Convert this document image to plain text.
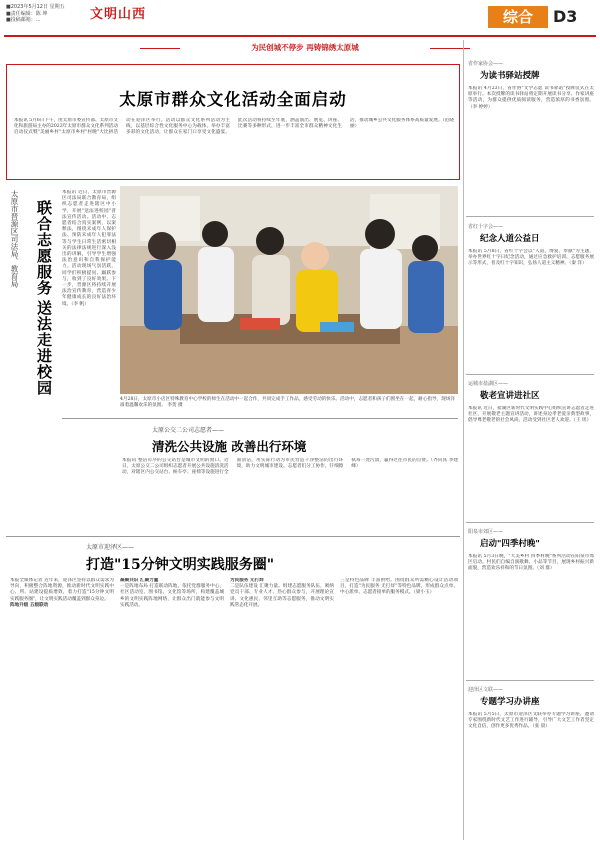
■2023年5月12日 星期五
■责任编辑：陈 坤
■投稿邮箱：...	文明山西	综合	D3
为民创城不停步 再铸锦绣太原城
太原市群众文化活动全面启动
本报讯 5月6日下午，由太原市委宣传部、太原市文化和旅游局主办的2023年太原市群众文化系列活动启动仪式暨"美丽乡村"太原市乡村"村晚"大比拼活动在迎泽区举行。活动以群众文化系列活动为主线，以基层综合性文化服务中心为载体，举办丰富多彩的文化活动，让群众在家门口享受文化盛宴。此次活动将持续至年底，涵盖演出、展览、讲座、比赛等多种形式，进一步丰富全市群众精神文化生活，推动城乡公共文化服务体系高质量发展。（范晓丽）
太原市晋源区司法局、教育局 联合志愿服务
送法走进校园
本报讯 近日，太原市晋源区司法局联合教育局，组织志愿者走进辖区中小学，开展"送法进校园"普法宣传活动。活动中，志愿者结合真实案例，以案释法，围绕未成年人保护法、预防未成年人犯罪法等与学生日常生活密切相关的法律法规进行深入浅出的讲解，引导学生增强法治意识和自我保护能力。活动现场气氛活跃，同学们积极提问、踊跃参与，收到了良好效果。下一步，晋源区将持续开展法治宣传教育，营造青少年健康成长的良好法治环境。（李 帆）
4月28日，太原市小店区特殊教育中心学校的师生在活动中一起合作，共同完成手工作品，感受劳动的快乐。活动中，志愿者和孩子们围坐在一起，耐心指导，现场洋溢着温馨欢乐的氛围。 李贺 摄
太原公交二公司志愿者——
清洗公共设施 改善出行环境
本报讯 整洁有序的公交站台是城市文明的窗口。近日，太原公交二公司组织志愿者开展公共设施清洗活动，对辖区内公交站台、候车亭、座椅等设施进行全面清洁，用实际行动为市民营造干净整洁的出行环境，助力文明城市建设。志愿者们分工协作，仔细擦拭每一处污渍，赢得过往市民的点赞。（齐向真 李建峰）
太原市迎泽区——
打造"15分钟文明实践服务圈"
本报全媒体记者 近年来，迎泽区坚持以群众需求为导向，积极整合阵地资源，推动新时代文明实践中心、所、站建设提质增效，着力打造"15分钟文明实践服务圈"，让文明实践活动覆盖到群众身边。
阵地升级 五级联动
凝聚共识 汇聚力量
一是阵地布局 打造联动阵地。依托党群服务中心、社区活动室、图书馆、文化馆等场所，构建覆盖城乡的文明实践阵地网络，让群众出门就能参与文明实践活动。
为民服务 无打烊
二是队伍建设 汇聚力量。组建志愿服务队伍，吸纳党员干部、专业人才、热心群众参与，开展理论宣讲、文化惠民、邻里互助等志愿服务，推动文明实践常态化开展。
三是特色品牌 丰富供给。围绕群众所需精心设计活动项目，打造"为民服务 无打烊"等特色品牌，形成群众点单、中心派单、志愿者接单的服务模式。（梁小玉）
省作家协会——
为读书驿站授牌
本报讯 4月23日，省作协"文学志愿 读书驿站"授牌仪式在太原举行。本次授牌的读书驿站将定期开展读书分享、作家讲座等活动，为群众提供优质阅读服务，营造浓厚的书香氛围。（李 婷婷）
省红十字会——
纪念人道公益日
本报讯 5月8日，省红十字会以"人道、博爱、奉献"为主题，举办世界红十字日纪念活动，通过应急救护培训、志愿服务展示等形式，普及红十字知识，弘扬人道主义精神。（秦 洋）
运城市盐湖区——
敬老宣讲进社区
本报讯 近日，盐湖区新时代文明实践中心组织宣讲志愿者走进社区，开展敬老主题宣讲活动，讲述身边孝老爱亲典型故事，倡导尊老敬老的社会风尚，活动受到社区老人欢迎。（王 瑶）
阳泉市郊区——
启动"四季村晚"
本报讯 5月3日晚，"大美乡村 四季村晚"系列活动在阳泉市郊区启动。村民们自编自演歌舞、小品等节目，展现乡村振兴新面貌，营造欢乐祥和的节日氛围。（刘 群）
迎泽区文联——
专题学习办讲座
本报讯 5月5日，太原市迎泽区文联举办专题学习讲座，邀请专家围绕新时代文艺工作进行辅导，引导广大文艺工作者坚定文化自信，创作更多优秀作品。（张 晨）
